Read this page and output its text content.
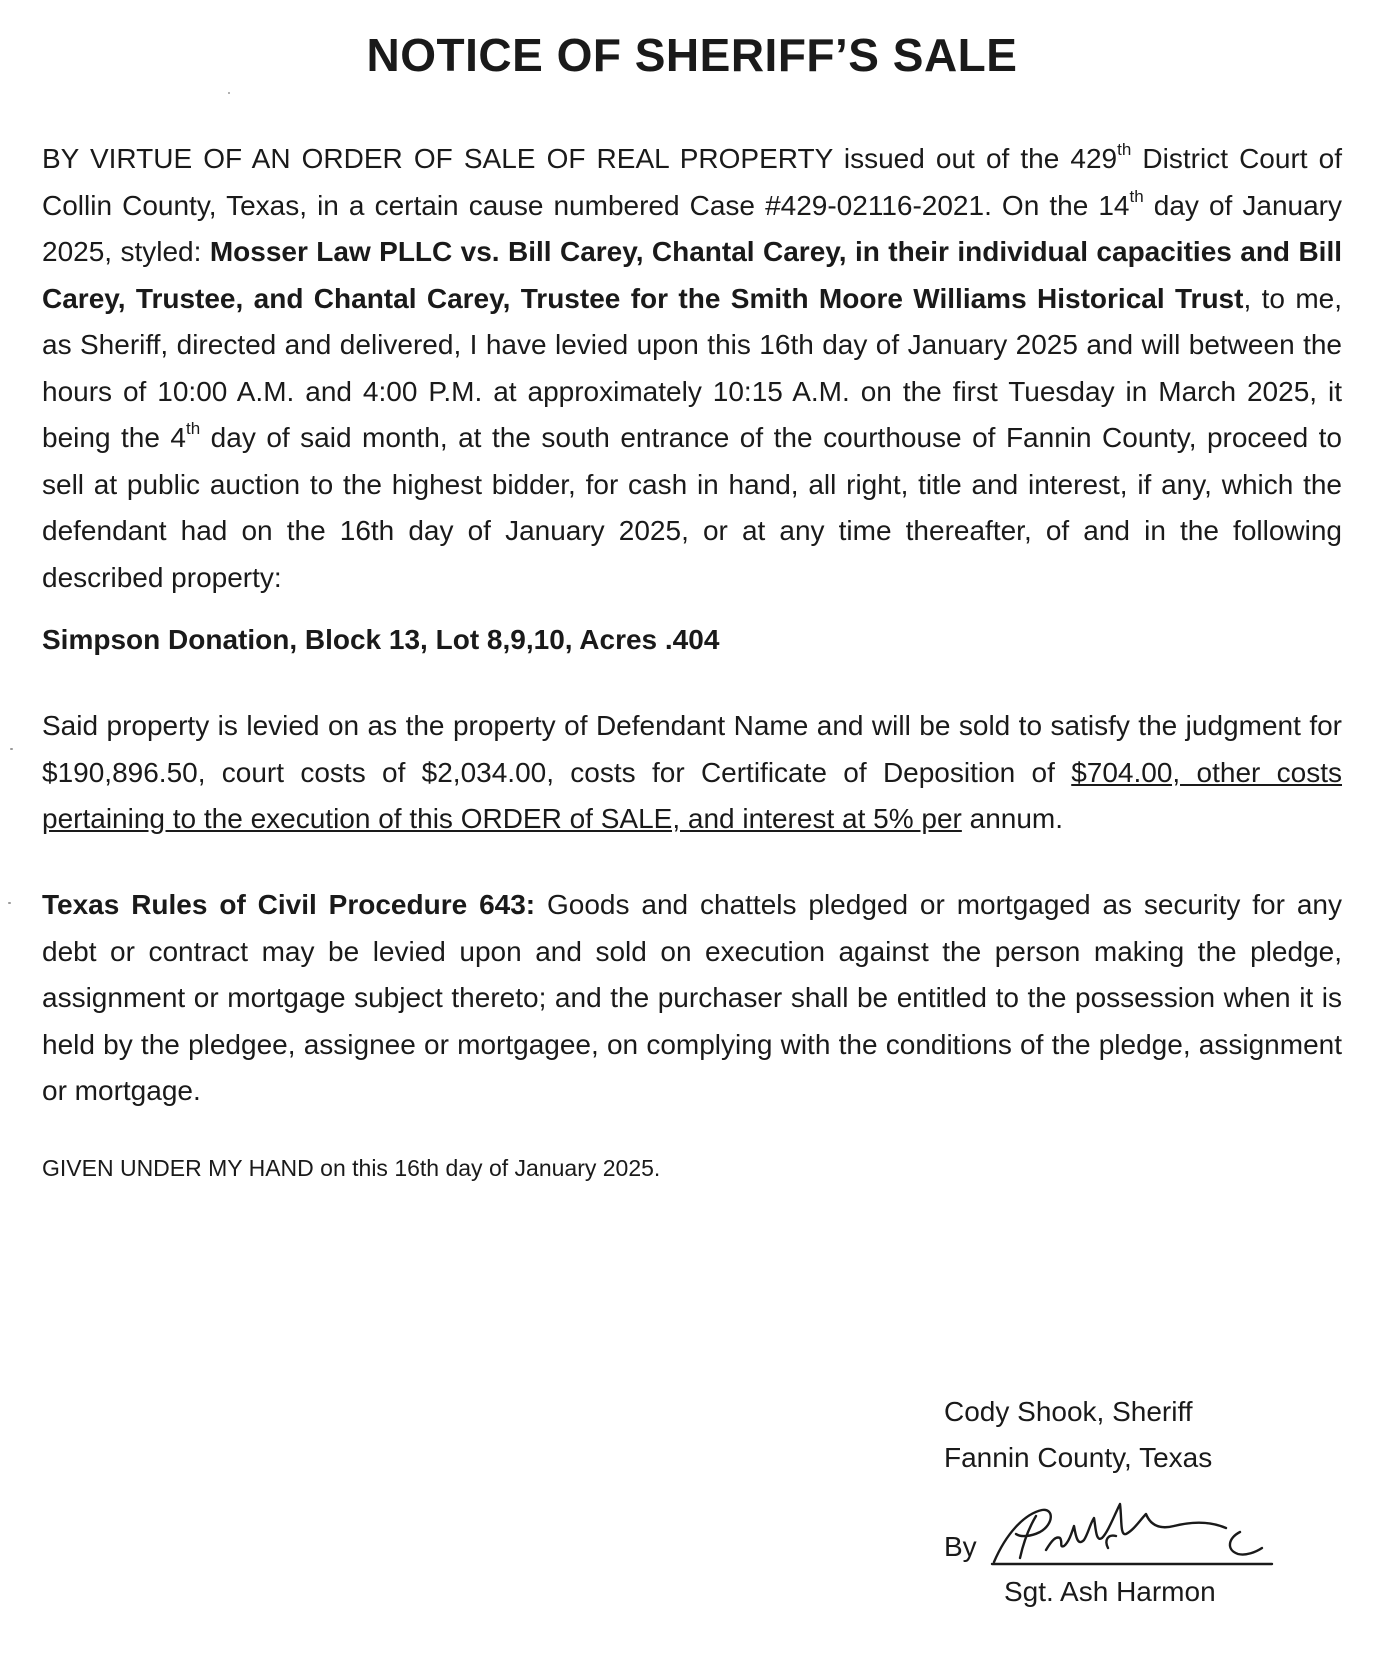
NOTICE OF SHERIFF’S SALE

BY VIRTUE OF AN ORDER OF SALE OF REAL PROPERTY issued out of the 429th District Court of Collin County, Texas, in a certain cause numbered Case #429-02116-2021. On the 14th day of January 2025, styled: Mosser Law PLLC vs. Bill Carey, Chantal Carey, in their individual capacities and Bill Carey, Trustee, and Chantal Carey, Trustee for the Smith Moore Williams Historical Trust, to me, as Sheriff, directed and delivered, I have levied upon this 16th day of January 2025 and will between the hours of 10:00 A.M. and 4:00 P.M. at approximately 10:15 A.M. on the first Tuesday in March 2025, it being the 4th day of said month, at the south entrance of the courthouse of Fannin County, proceed to sell at public auction to the highest bidder, for cash in hand, all right, title and interest, if any, which the defendant had on the 16th day of January 2025, or at any time thereafter, of and in the following described property:

Simpson Donation, Block 13, Lot 8,9,10, Acres .404

Said property is levied on as the property of Defendant Name and will be sold to satisfy the judgment for $190,896.50, court costs of $2,034.00, costs for Certificate of Deposition of $704.00, other costs pertaining to the execution of this ORDER of SALE, and interest at 5% per annum.

Texas Rules of Civil Procedure 643: Goods and chattels pledged or mortgaged as security for any debt or contract may be levied upon and sold on execution against the person making the pledge, assignment or mortgage subject thereto; and the purchaser shall be entitled to the possession when it is held by the pledgee, assignee or mortgagee, on complying with the conditions of the pledge, assignment or mortgage.

GIVEN UNDER MY HAND on this 16th day of January 2025.

Cody Shook, Sheriff
Fannin County, Texas
By
Sgt. Ash Harmon
